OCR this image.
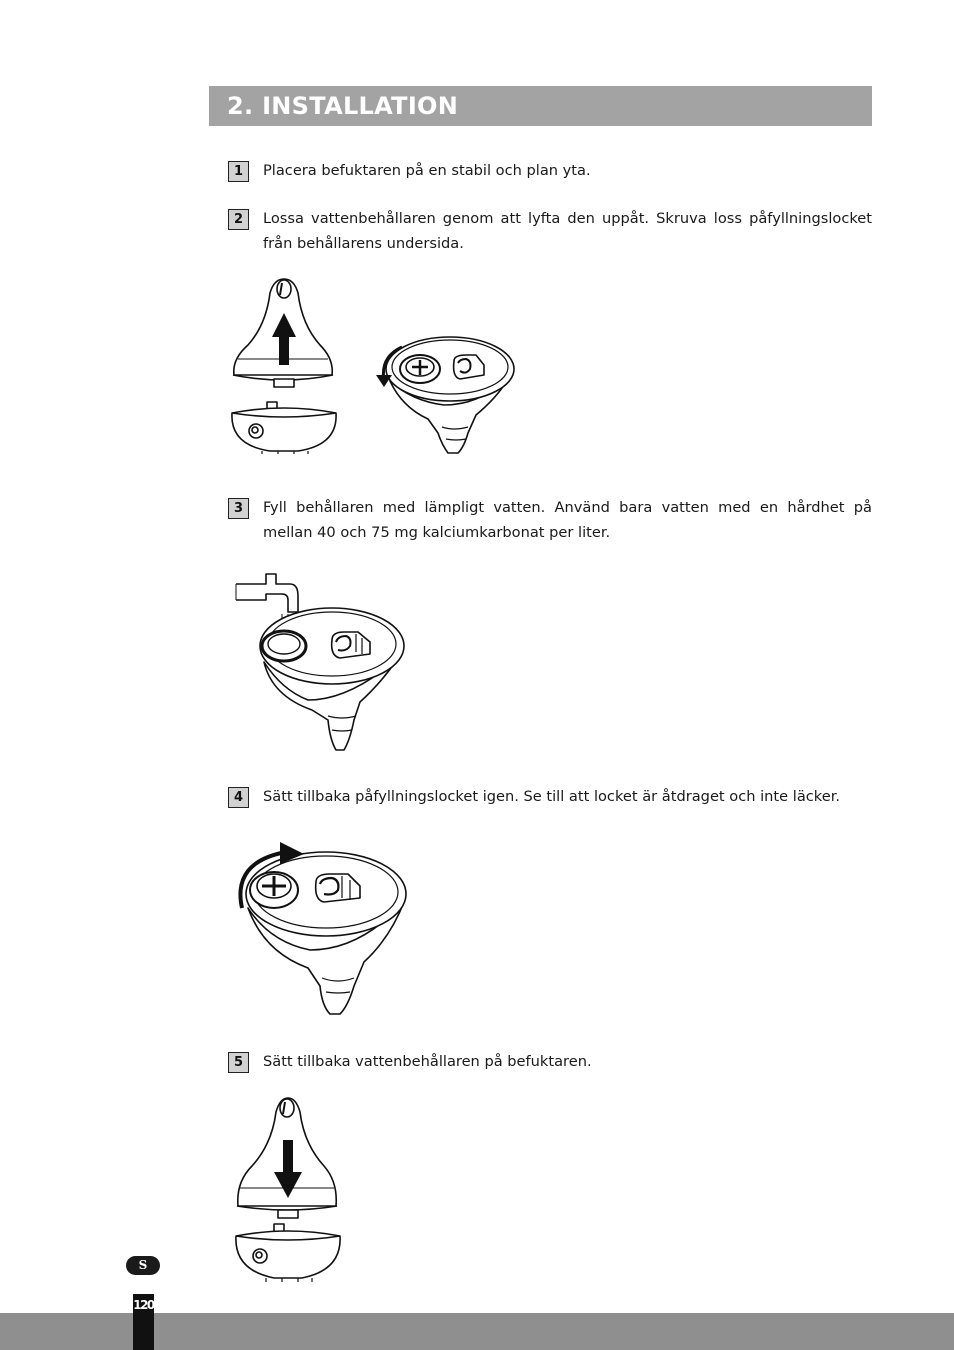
2. INSTALLATION
1	Placera befuktaren på en stabil och plan yta.

2	Lossa vattenbehållaren genom att lyfta den uppåt. Skruva loss påfyllningslocket från behållarens undersida.

3	Fyll behållaren med lämpligt vatten. Använd bara vatten med en hårdhet på mellan 40 och 75 mg kalciumkarbonat per liter.

4	Sätt tillbaka påfyllningslocket igen. Se till att locket är åtdraget och inte läcker.

5	Sätt tillbaka vattenbehållaren på befuktaren.

S
120
